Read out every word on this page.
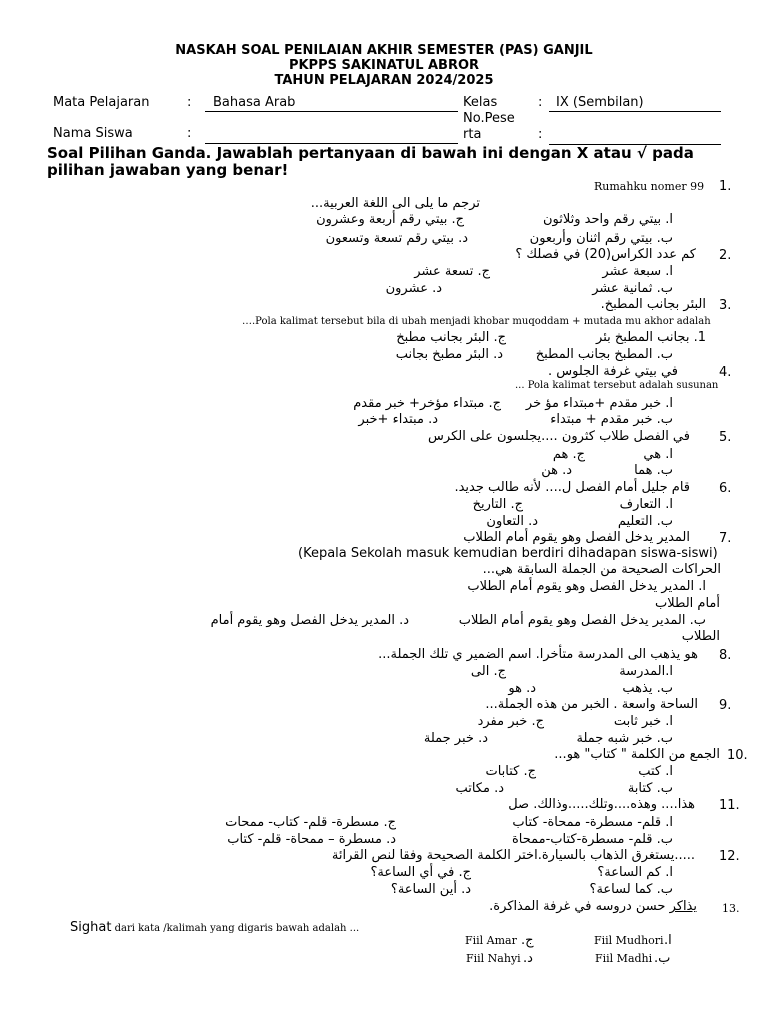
NASKAH SOAL PENILAIAN AKHIR SEMESTER (PAS) GANJIL
PKPPS SAKINATUL ABROR
TAHUN PELAJARAN 2024/2025
Mata Pelajaran	: Bahasa Arab	Kelas	: IX (Sembilan)
No.Pese
rta	:
Nama Siswa	:
Soal Pilihan Ganda. Jawablah pertanyaan di bawah ini dengan X atau √ pada
pilihan jawaban yang benar!
1.
Rumahku nomer 99
ترجم ما يلى الى اللغة العربية...
ا. بيتي رقم واحد وثلاثون
ج. بيتي رقم أربعة وعشرون
ب. بيتي رقم اثنان وأربعون
د. بيتي رقم تسعة وتسعون
2.
كم عدد الكراس(20) في فصلك ؟
ا. سبعة عشر
ج. تسعة عشر
ب. ثمانية عشر
د. عشرون
3.
البئر بجانب المطبخ.
….Pola kalimat tersebut bila di ubah menjadi khobar muqoddam + mutada mu akhor adalah
1. بجانب المطبخ بئر
ج. البئر بجانب مطبخ
ب. المطبخ بجانب المطبخ
د. البئر مطبخ بجانب
4.
في بيتي غرفة الجلوس .
... Pola kalimat tersebut adalah susunan
ا. خبر مقدم +مبتداء مؤ خر
ج. مبتداء مؤخر+ خبر مقدم
ب. خبر مقدم + مبتداء
د. مبتداء +خبر
5.
في الفصل طلاب كثرون ....يجلسون على الكرس
ا. هي
ج. هم
ب. هما
د. هن
6.
قام جليل أمام الفصل ل.... لأنه طالب جديد.
ا. التعارف
ج. التاريخ
ب. التعليم
د. التعاون
7.
المدير يدخل الفصل وهو يقوم أمام الطلاب
(Kepala Sekolah masuk kemudian berdiri dihadapan siswa-siswi)
الحراكات الصحيحة من الجملة السابقة هي...
ا. المدير يدخل الفصل وهو يقوم أمام الطلاب
أمام الطلاب
ب. المدير يدخل الفصل وهو يقوم أمام الطلاب
د. المدير يدخل الفصل وهو يقوم أمام
الطلاب
8.
هو يذهب الى المدرسة متأخرا. اسم الضمير ي تلك الجملة...
ا.المدرسة
ج. الى
ب. يذهب
د. هو
9.
الساحة واسعة . الخبر من هذه الجملة...
ا. خبر ثابت
ج. خبر مفرد
ب. خبر شبه جملة
د. خبر جملة
10.
الجمع من الكلمة " كتاب" هو...
ا. كتب
ج. كتابات
ب. كتابة
د. مكاتب
11.
هذا.... وهذه....وتلك.....وذالك. صل
ا. قلم- مسطرة- ممحاة- كتاب
ج. مسطرة- قلم- كتاب- ممحات
ب. قلم- مسطرة-كتاب-ممحاة
د. مسطرة – ممحاة- قلم- كتاب
12.
.....يستغرق الذهاب بالسيارة.اختر الكلمة الصحيحة وفقا لنص القرائة
ا. كم الساعة؟
ج. في أي الساعة؟
ب. كما لساعة؟
د. أين الساعة؟
13.
يذاكر حسن دروسه في غرفة المذاكرة.
Sighat dari kata /kalimah yang digaris bawah adalah ...
Fiil Mudhori ا.
Fiil Amar ج.
Fiil Madhi ب.
Fiil Nahyi د.
